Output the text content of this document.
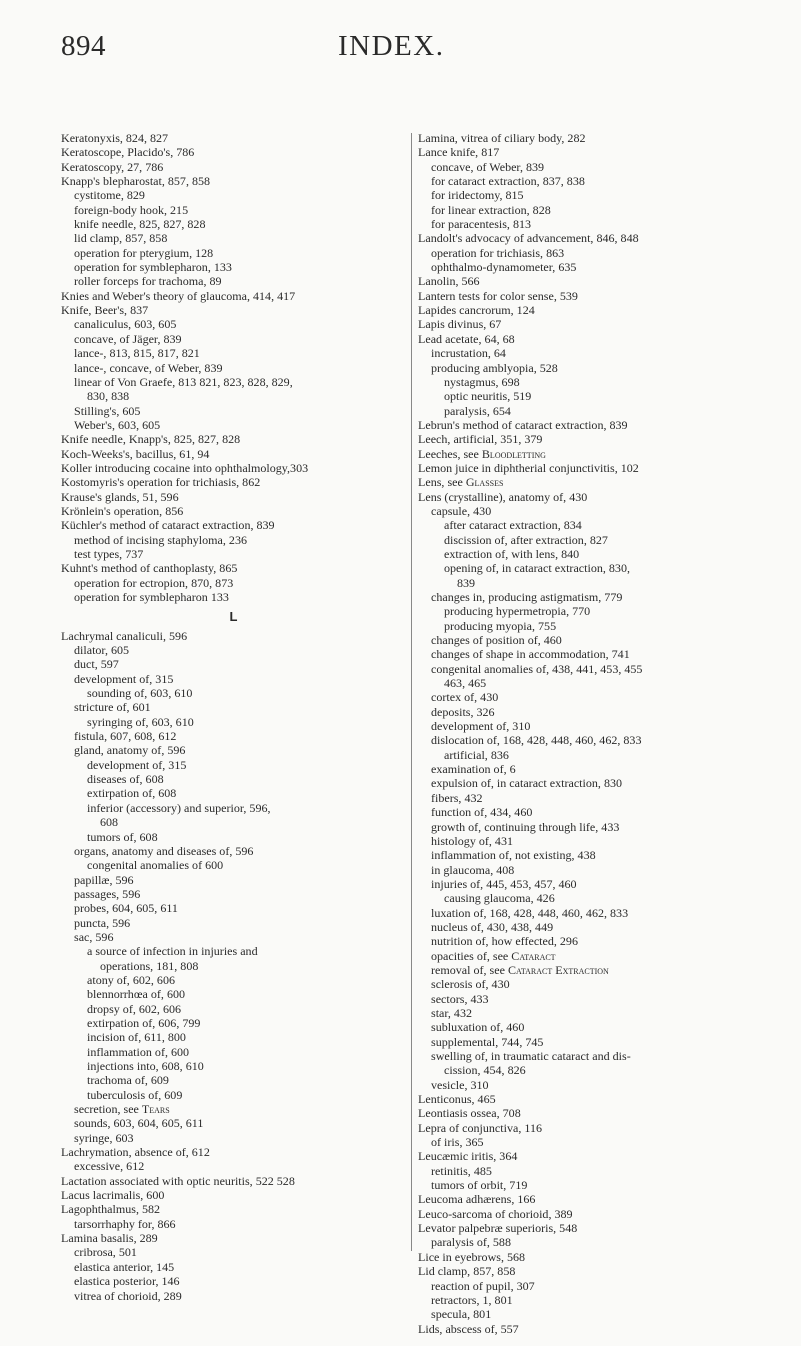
894	INDEX.
Keratonyxis, 824, 827
Keratoscope, Placido's, 786
Keratoscopy, 27, 786
Knapp's blepharostat, 857, 858
cystitome, 829
foreign-body hook, 215
knife needle, 825, 827, 828
lid clamp, 857, 858
operation for pterygium, 128
operation for symblepharon, 133
roller forceps for trachoma, 89
Knies and Weber's theory of glaucoma, 414, 417
Knife, Beer's, 837
canaliculus, 603, 605
concave, of Jäger, 839
lance-, 813, 815, 817, 821
lance-, concave, of Weber, 839
linear of Von Graefe, 813 821, 823, 828, 829,
830, 838
Stilling's, 605
Weber's, 603, 605
Knife needle, Knapp's, 825, 827, 828
Koch-Weeks's, bacillus, 61, 94
Koller introducing cocaine into ophthalmology,303
Kostomyris's operation for trichiasis, 862
Krause's glands, 51, 596
Krönlein's operation, 856
Küchler's method of cataract extraction, 839
method of incising staphyloma, 236
test types, 737
Kuhnt's method of canthoplasty, 865
operation for ectropion, 870, 873
operation for symblepharon 133
L
Lachrymal canaliculi, 596
dilator, 605
duct, 597
development of, 315
sounding of, 603, 610
stricture of, 601
syringing of, 603, 610
fistula, 607, 608, 612
gland, anatomy of, 596
development of, 315
diseases of, 608
extirpation of, 608
inferior (accessory) and superior, 596,
608
tumors of, 608
organs, anatomy and diseases of, 596
congenital anomalies of 600
papillæ, 596
passages, 596
probes, 604, 605, 611
puncta, 596
sac, 596
a source of infection in injuries and
operations, 181, 808
atony of, 602, 606
blennorrhœa of, 600
dropsy of, 602, 606
extirpation of, 606, 799
incision of, 611, 800
inflammation of, 600
injections into, 608, 610
trachoma of, 609
tuberculosis of, 609
secretion, see Tears
sounds, 603, 604, 605, 611
syringe, 603
Lachrymation, absence of, 612
excessive, 612
Lactation associated with optic neuritis, 522 528
Lacus lacrimalis, 600
Lagophthalmus, 582
tarsorrhaphy for, 866
Lamina basalis, 289
cribrosa, 501
elastica anterior, 145
elastica posterior, 146
vitrea of chorioid, 289
Lamina, vitrea of ciliary body, 282
Lance knife, 817
concave, of Weber, 839
for cataract extraction, 837, 838
for iridectomy, 815
for linear extraction, 828
for paracentesis, 813
Landolt's advocacy of advancement, 846, 848
operation for trichiasis, 863
ophthalmo-dynamometer, 635
Lanolin, 566
Lantern tests for color sense, 539
Lapides cancrorum, 124
Lapis divinus, 67
Lead acetate, 64, 68
incrustation, 64
producing amblyopia, 528
nystagmus, 698
optic neuritis, 519
paralysis, 654
Lebrun's method of cataract extraction, 839
Leech, artificial, 351, 379
Leeches, see Bloodletting
Lemon juice in diphtherial conjunctivitis, 102
Lens, see Glasses
Lens (crystalline), anatomy of, 430
capsule, 430
after cataract extraction, 834
discission of, after extraction, 827
extraction of, with lens, 840
opening of, in cataract extraction, 830,
839
changes in, producing astigmatism, 779
producing hypermetropia, 770
producing myopia, 755
changes of position of, 460
changes of shape in accommodation, 741
congenital anomalies of, 438, 441, 453, 455
463, 465
cortex of, 430
deposits, 326
development of, 310
dislocation of, 168, 428, 448, 460, 462, 833
artificial, 836
examination of, 6
expulsion of, in cataract extraction, 830
fibers, 432
function of, 434, 460
growth of, continuing through life, 433
histology of, 431
inflammation of, not existing, 438
in glaucoma, 408
injuries of, 445, 453, 457, 460
causing glaucoma, 426
luxation of, 168, 428, 448, 460, 462, 833
nucleus of, 430, 438, 449
nutrition of, how effected, 296
opacities of, see Cataract
removal of, see Cataract Extraction
sclerosis of, 430
sectors, 433
star, 432
subluxation of, 460
supplemental, 744, 745
swelling of, in traumatic cataract and dis-
cission, 454, 826
vesicle, 310
Lenticonus, 465
Leontiasis ossea, 708
Lepra of conjunctiva, 116
of iris, 365
Leucæmic iritis, 364
retinitis, 485
tumors of orbit, 719
Leucoma adhærens, 166
Leuco-sarcoma of chorioid, 389
Levator palpebræ superioris, 548
paralysis of, 588
Lice in eyebrows, 568
Lid clamp, 857, 858
reaction of pupil, 307
retractors, 1, 801
specula, 801
Lids, abscess of, 557
